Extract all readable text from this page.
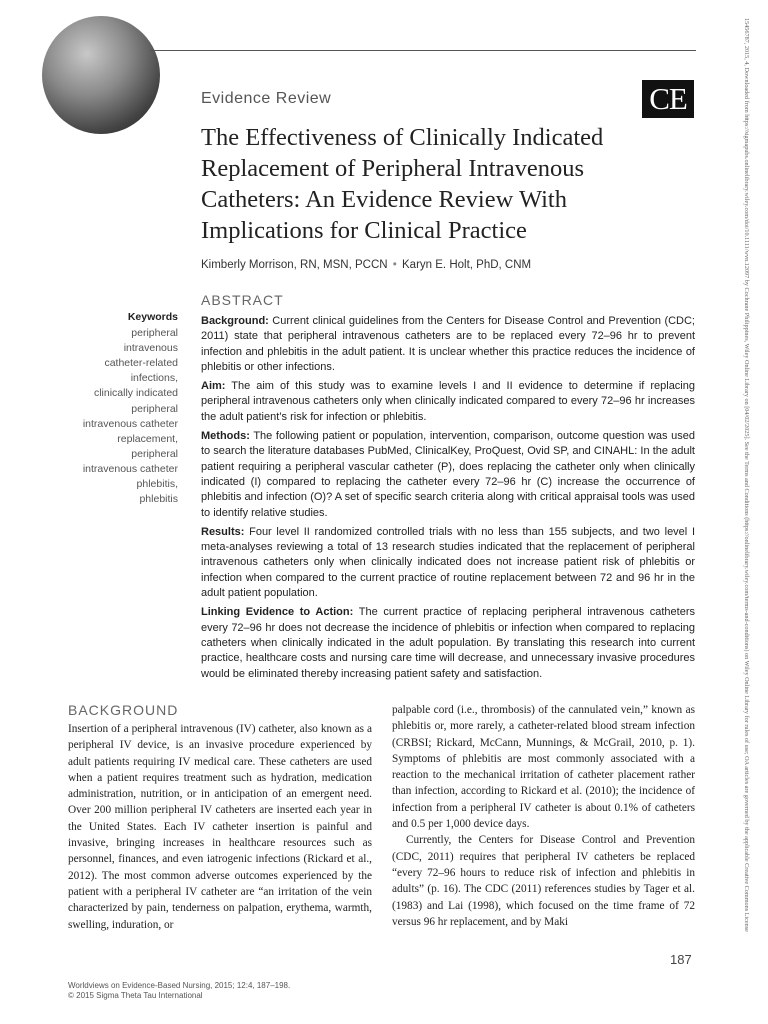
CE
Evidence Review
The Effectiveness of Clinically Indicated Replacement of Peripheral Intravenous Catheters: An Evidence Review With Implications for Clinical Practice
Kimberly Morrison, RN, MSN, PCCN • Karyn E. Holt, PhD, CNM
Keywords
peripheral
intravenous
catheter-related
infections,
clinically indicated
peripheral
intravenous catheter
replacement,
peripheral
intravenous catheter
phlebitis,
phlebitis
ABSTRACT

Background: Current clinical guidelines from the Centers for Disease Control and Prevention (CDC; 2011) state that peripheral intravenous catheters are to be replaced every 72–96 hr to prevent infection and phlebitis in the adult patient. It is unclear whether this practice reduces the incidence of phlebitis or other infections.

Aim: The aim of this study was to examine levels I and II evidence to determine if replacing peripheral intravenous catheters only when clinically indicated compared to every 72–96 hr increases the adult patient’s risk for infection or phlebitis.

Methods: The following patient or population, intervention, comparison, outcome question was used to search the literature databases PubMed, ClinicalKey, ProQuest, Ovid SP, and CINAHL: In the adult patient requiring a peripheral vascular catheter (P), does replacing the catheter only when clinically indicated (I) compared to replacing the catheter every 72–96 hr (C) increase the occurrence of phlebitis and infection (O)? A set of specific search criteria along with critical appraisal tools was used to identify relative studies.

Results: Four level II randomized controlled trials with no less than 155 subjects, and two level I meta-analyses reviewing a total of 13 research studies indicated that the replacement of peripheral intravenous catheters only when clinically indicated does not increase patient risk of phlebitis or infection when compared to the current practice of routine replacement between 72 and 96 hr in the adult patient population.

Linking Evidence to Action: The current practice of replacing peripheral intravenous catheters every 72–96 hr does not decrease the incidence of phlebitis or infection when compared to replacing catheters when clinically indicated in the adult population. By translating this research into current practice, healthcare costs and nursing care time will decrease, and unnecessary invasive procedures would be eliminated thereby increasing patient safety and satisfaction.

BACKGROUND

Insertion of a peripheral intravenous (IV) catheter, also known as a peripheral IV device, is an invasive procedure experienced by adult patients requiring IV medical care. These catheters are used when a patient requires treatment such as hydration, medication administration, nutrition, or in anticipation of an emergent need. Over 200 million peripheral IV catheters are inserted each year in the United States. Each IV catheter insertion is painful and invasive, bringing increases in healthcare resources such as personnel, finances, and even iatrogenic infections (Rickard et al., 2012). The most common adverse outcomes experienced by the patient with a peripheral IV catheter are “an irritation of the vein characterized by pain, tenderness on palpation, erythema, warmth, swelling, induration, or

palpable cord (i.e., thrombosis) of the cannulated vein,” known as phlebitis or, more rarely, a catheter-related blood stream infection (CRBSI; Rickard, McCann, Munnings, & McGrail, 2010, p. 1). Symptoms of phlebitis are most commonly associated with a reaction to the mechanical irritation of catheter placement rather than infection, according to Rickard et al. (2010); the incidence of infection from a peripheral IV catheter is about 0.1% of catheters and 0.5 per 1,000 device days.

Currently, the Centers for Disease Control and Prevention (CDC, 2011) requires that peripheral IV catheters be replaced “every 72–96 hours to reduce risk of infection and phlebitis in adults” (p. 16). The CDC (2011) references studies by Tager et al. (1983) and Lai (1998), which focused on the time frame of 72 versus 96 hr replacement, and by Maki

Worldviews on Evidence-Based Nursing, 2015; 12:4, 187–198.
© 2015 Sigma Theta Tau International
187
15456787, 2015, 4, Downloaded from https://sigmapubs.onlinelibrary.wiley.com/doi/10.1111/wvn.12097 by Cochrane Philippines, Wiley Online Library on [04/02/2025]. See the Terms and Conditions (https://onlinelibrary.wiley.com/terms-and-conditions) on Wiley Online Library for rules of use; OA articles are governed by the applicable Creative Commons License
